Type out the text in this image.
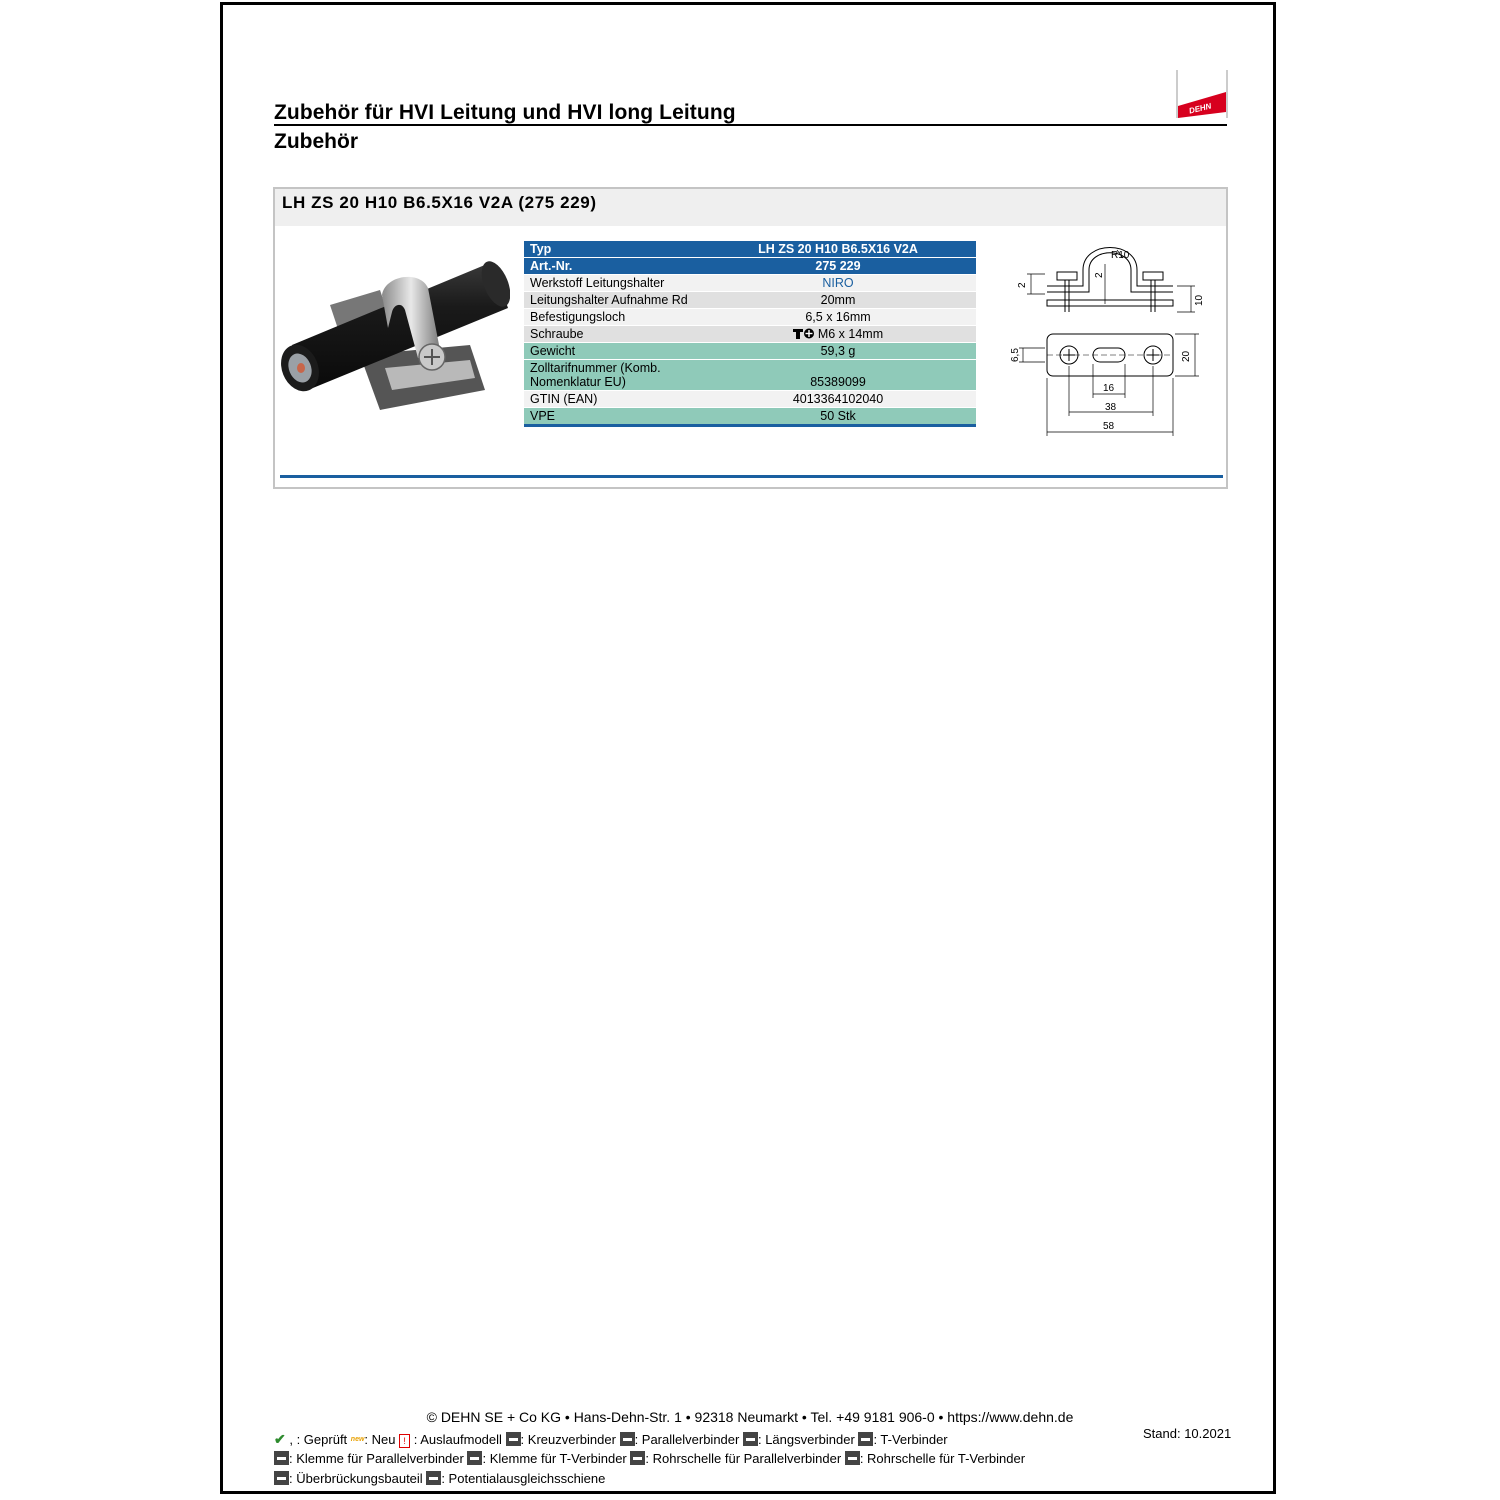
DEHN
Zubehör für HVI Leitung und HVI long Leitung
Zubehör
LH ZS 20 H10 B6.5X16 V2A (275 229)
Typ	LH ZS 20 H10 B6.5X16 V2A
Art.-Nr.	275 229
Werkstoff Leitungshalter	NIRO
Leitungshalter Aufnahme Rd	20mm
Befestigungsloch	6,5 x 16mm
Schraube	M6 x 14mm
Gewicht	59,3 g
Zolltarifnummer (Komb. Nomenklatur EU)	85389099
GTIN (EAN)	4013364102040
VPE	50 Stk
R10
2
2
10
6,5	20
16
38
58
© DEHN SE + Co KG • Hans-Dehn-Str. 1 • 92318 Neumarkt • Tel. +49 9181 906-0 • https://www.dehn.de
Stand: 10.2021
✔ , : Geprüft new: Neu ! : Auslaufmodell : Kreuzverbinder : Parallelverbinder : Längsverbinder : T-Verbinder
: Klemme für Parallelverbinder : Klemme für T-Verbinder : Rohrschelle für Parallelverbinder : Rohrschelle für T-Verbinder
: Überbrückungsbauteil : Potentialausgleichsschiene
